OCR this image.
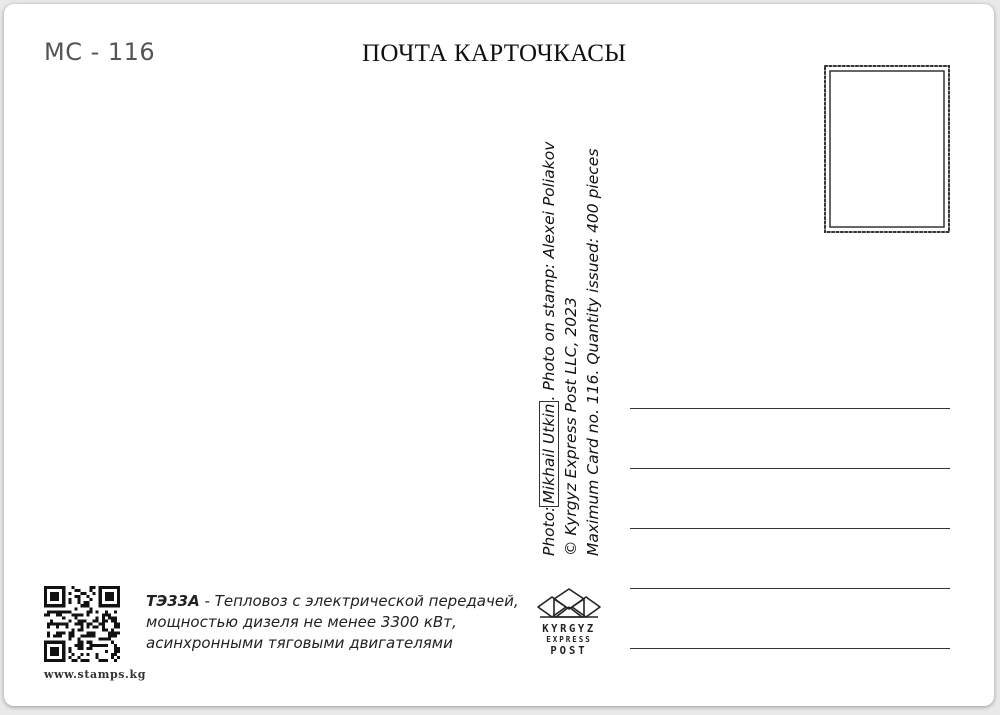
MC - 116	ПОЧТА КАРТОЧКАСЫ
Photo:Mikhail Utkin. Photo on stamp: Alexei Poliakov
© Kyrgyz Express Post LLC, 2023 Maximum Card no. 116. Quantity issued: 400 pieces
www.stamps.kg
ТЭ33А - Тепловоз с электрической передачей,
мощностью дизеля не менее 3300 кВт,
асинхронными тяговыми двигателями
KYRGYZ
EXPRESS
POST
